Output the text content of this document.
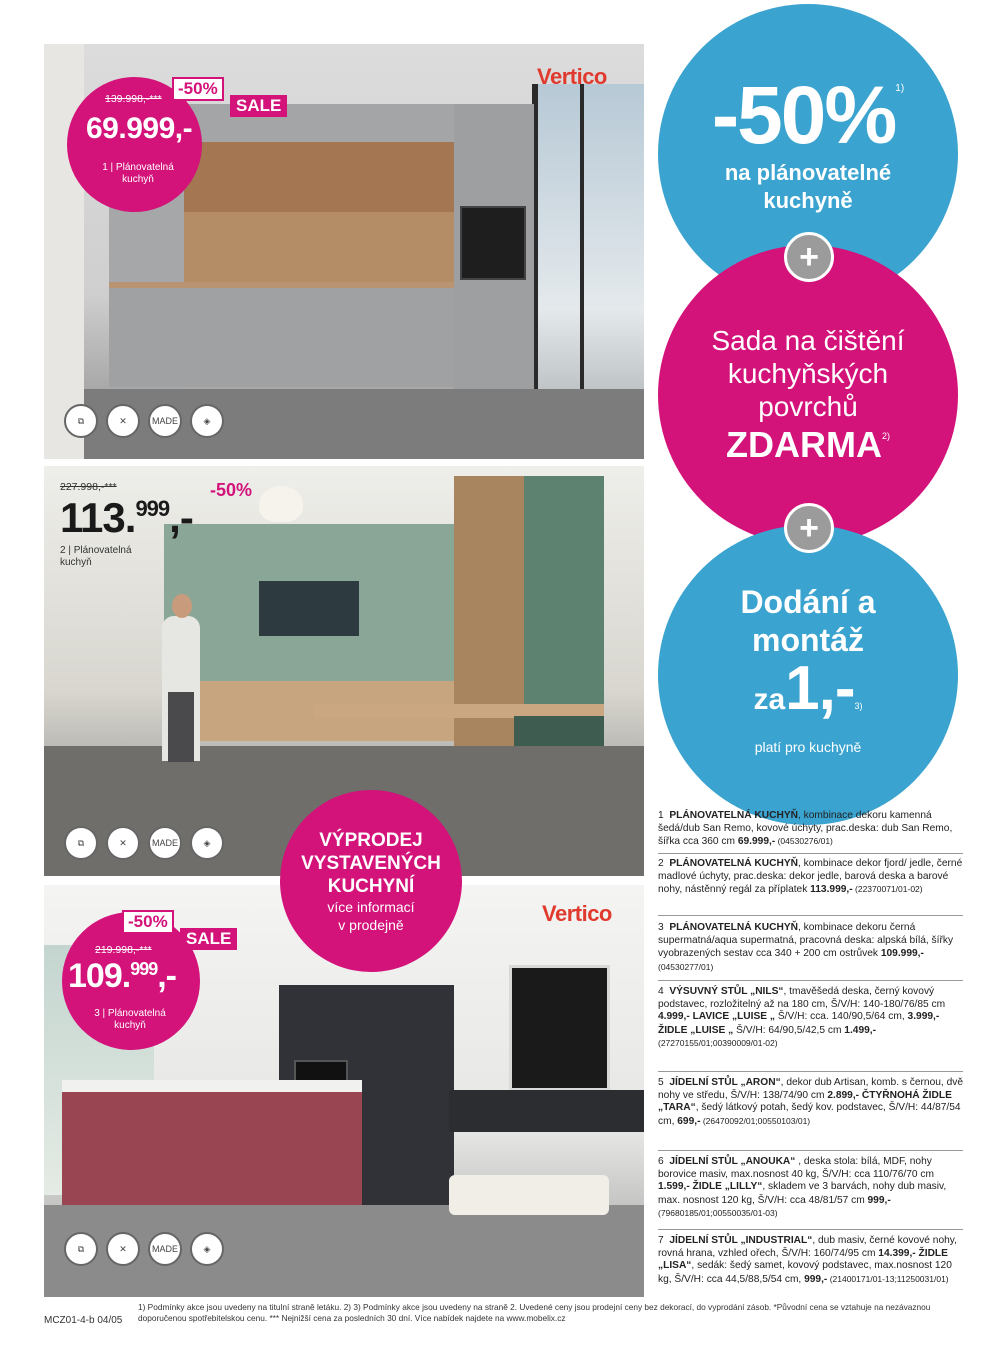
139.998,-***
69.999,-
1 | Plánovatelná kuchyň
-50%
SALE
Vertico
⧉	✕	MADE	◈
227.998,-***	-50%
113.$^{999}$,-
2 | Plánovatelná
kuchyň
⧉	✕	MADE	◈	VÝPRODEJ
VYSTAVENÝCH
KUCHYNÍ
více informací
v prodejně
-50%
SALE
219.998,-***
109.$^{999}$,-
3 | Plánovatelná
kuchyň
Vertico
⧉	✕	MADE	◈
-50%$^{1)}$
na plánovatelné
kuchyně
Sada na čištění
kuchyňských
povrchů
ZDARMA$^{2)}$
Dodání a
montáž
za1,-3)
platí pro kuchyně
+
+
1 PLÁNOVATELNÁ KUCHYŇ, kombinace dekoru kamenná šedá/dub San Remo, kovové úchyty, prac.deska: dub San Remo, šířka cca 360 cm 69.999,- (04530276/01)
2 PLÁNOVATELNÁ KUCHYŇ, kombinace dekor fjord/ jedle, černé madlové úchyty, prac.deska: dekor jedle, barová deska a barové nohy, nástěnný regál za příplatek 113.999,- (22370071/01-02)
3 PLÁNOVATELNÁ KUCHYŇ, kombinace dekoru černá supermatná/aqua supermatná, pracovná deska: alpská bílá, šířky vyobrazených sestav cca 340 + 200 cm ostrůvek 109.999,- (04530277/01)
4 VÝSUVNÝ STŮL „NILS“, tmavěšedá deska, černý kovový podstavec, rozložitelný až na 180 cm, Š/V/H: 140-180/76/85 cm 4.999,- LAVICE „LUISE „ Š/V/H: cca. 140/90,5/64 cm, 3.999,- ŽIDLE „LUISE „ Š/V/H: 64/90,5/42,5 cm 1.499,- (27270155/01;00390009/01-02)
5 JÍDELNÍ STŮL „ARON“, dekor dub Artisan, komb. s černou, dvě nohy ve středu, Š/V/H: 138/74/90 cm 2.899,- ČTYŘNOHÁ ŽIDLE „TARA“, šedý látkový potah, šedý kov. podstavec, Š/V/H: 44/87/54 cm, 699,- (26470092/01;00550103/01)
6 JÍDELNÍ STŮL „ANOUKA“ , deska stola: bílá, MDF, nohy borovice masiv, max.nosnost 40 kg, Š/V/H: cca 110/76/70 cm 1.599,- ŽIDLE „LILLY“, skladem ve 3 barvách, nohy dub masiv, max. nosnost 120 kg, Š/V/H: cca 48/81/57 cm 999,- (79680185/01;00550035/01-03)
7 JÍDELNÍ STŮL „INDUSTRIAL“, dub masiv, černé kovové nohy, rovná hrana, vzhled ořech, Š/V/H: 160/74/95 cm 14.399,- ŽIDLE „LISA“, sedák: šedý samet, kovový podstavec, max.nosnost 120 kg, Š/V/H: cca 44,5/88,5/54 cm, 999,- (21400171/01-13;11250031/01)
MCZ01-4-b 04/05
1) Podmínky akce jsou uvedeny na titulní straně letáku. 2) 3) Podmínky akce jsou uvedeny na straně 2. Uvedené ceny jsou prodejní ceny bez dekorací, do vyprodání zásob. *Původní cena se vztahuje na nezávaznou
doporučenou spotřebitelskou cenu. *** Nejnižší cena za posledních 30 dní. Více nabídek najdete na www.mobelix.cz
